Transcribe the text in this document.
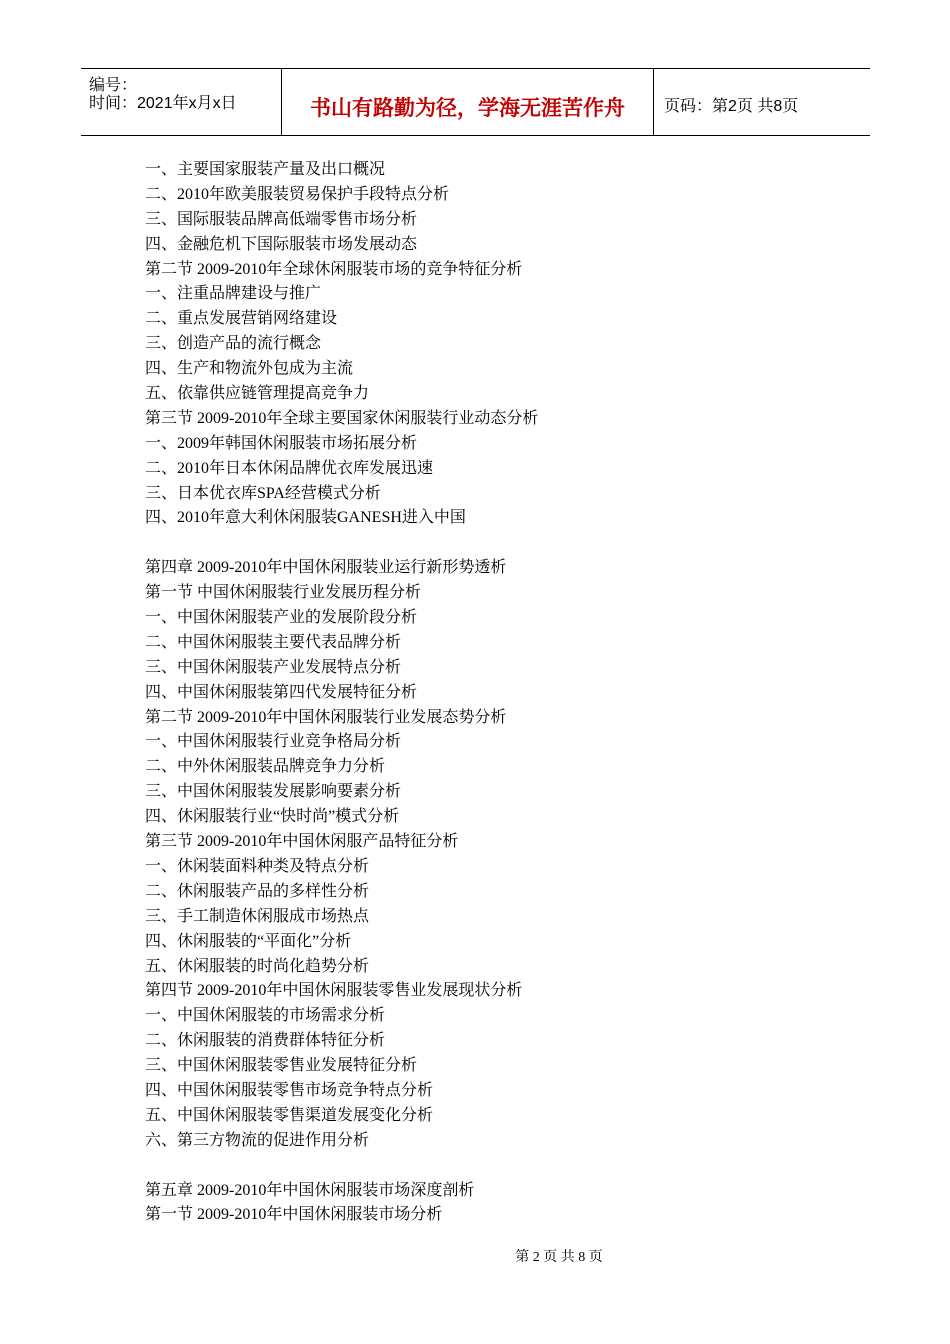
编号：
时间：2021年x月x日	书山有路勤为径，学海无涯苦作舟	页码：第2页 共8页
一、主要国家服装产量及出口概况
二、2010年欧美服装贸易保护手段特点分析
三、国际服装品牌高低端零售市场分析
四、金融危机下国际服装市场发展动态
第二节 2009-2010年全球休闲服装市场的竞争特征分析
一、注重品牌建设与推广
二、重点发展营销网络建设
三、创造产品的流行概念
四、生产和物流外包成为主流
五、依靠供应链管理提高竞争力
第三节 2009-2010年全球主要国家休闲服装行业动态分析
一、2009年韩国休闲服装市场拓展分析
二、2010年日本休闲品牌优衣库发展迅速
三、日本优衣库SPA经营模式分析
四、2010年意大利休闲服装GANESH进入中国
第四章 2009-2010年中国休闲服装业运行新形势透析
第一节 中国休闲服装行业发展历程分析
一、中国休闲服装产业的发展阶段分析
二、中国休闲服装主要代表品牌分析
三、中国休闲服装产业发展特点分析
四、中国休闲服装第四代发展特征分析
第二节 2009-2010年中国休闲服装行业发展态势分析
一、中国休闲服装行业竞争格局分析
二、中外休闲服装品牌竞争力分析
三、中国休闲服装发展影响要素分析
四、休闲服装行业“快时尚”模式分析
第三节 2009-2010年中国休闲服产品特征分析
一、休闲装面料种类及特点分析
二、休闲服装产品的多样性分析
三、手工制造休闲服成市场热点
四、休闲服装的“平面化”分析
五、休闲服装的时尚化趋势分析
第四节 2009-2010年中国休闲服装零售业发展现状分析
一、中国休闲服装的市场需求分析
二、休闲服装的消费群体特征分析
三、中国休闲服装零售业发展特征分析
四、中国休闲服装零售市场竞争特点分析
五、中国休闲服装零售渠道发展变化分析
六、第三方物流的促进作用分析
第五章 2009-2010年中国休闲服装市场深度剖析
第一节 2009-2010年中国休闲服装市场分析
第 2 页 共 8 页
